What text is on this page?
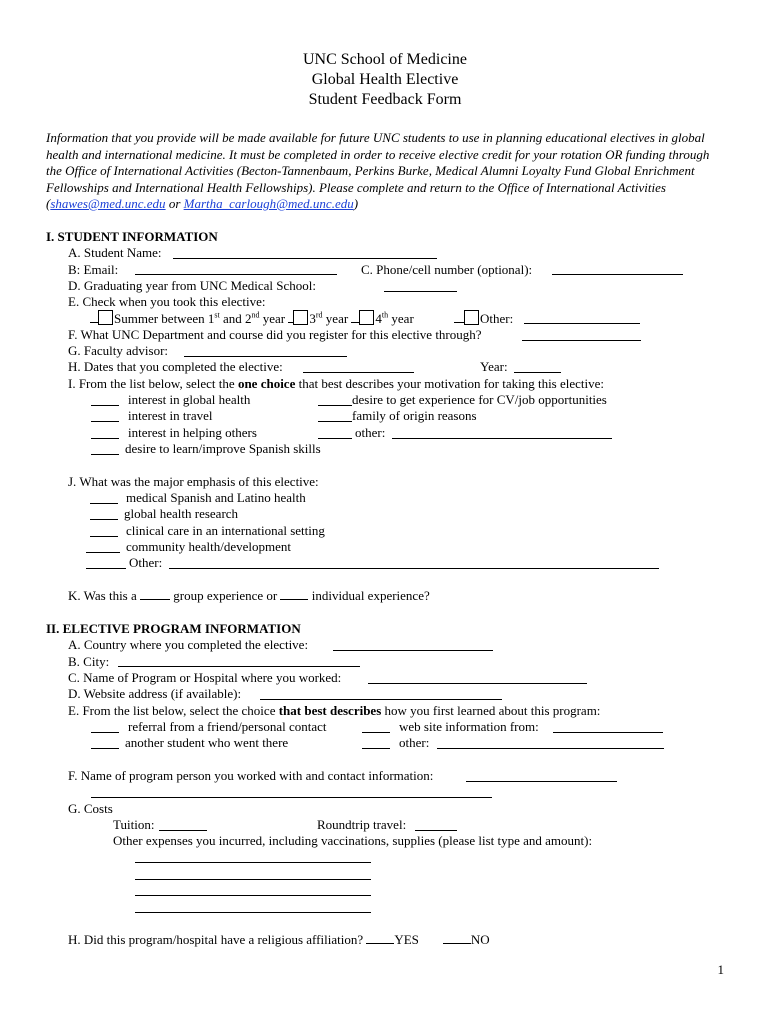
UNC School of Medicine
Global Health Elective
Student Feedback Form
Information that you provide will be made available for future UNC students to use in planning educational electives in global health and international medicine. It must be completed in order to receive elective credit for your rotation OR funding through the Office of International Activities (Becton-Tannenbaum, Perkins Burke, Medical Alumni Loyalty Fund Global Enrichment Fellowships and International Health Fellowships). Please complete and return to the Office of International Activities (shawes@med.unc.edu or Martha_carlough@med.unc.edu)
I. STUDENT INFORMATION
A. Student Name:
B: Email:	C. Phone/cell number (optional):
D. Graduating year from UNC Medical School:
E. Check when you took this elective:
Summer between 1st and 2nd year 3rd year 4th year	Other:
F. What UNC Department and course did you register for this elective through?
G. Faculty advisor:
H. Dates that you completed the elective:	Year:
I. From the list below, select the one choice that best describes your motivation for taking this elective:
interest in global health	desire to get experience for CV/job opportunities
interest in travel	family of origin reasons
interest in helping others	other:
desire to learn/improve Spanish skills
J. What was the major emphasis of this elective:
medical Spanish and Latino health
global health research
clinical care in an international setting
community health/development
Other:
K. Was this a	group experience or	individual experience?
II. ELECTIVE PROGRAM INFORMATION
A. Country where you completed the elective:
B. City:
C. Name of Program or Hospital where you worked:
D. Website address (if available):
E. From the list below, select the choice that best describes how you first learned about this program:
referral from a friend/personal contact	web site information from:
another student who went there	other:
F. Name of program person you worked with and contact information:
G. Costs
Tuition:	Roundtrip travel:
Other expenses you incurred, including vaccinations, supplies (please list type and amount):
H. Did this program/hospital have a religious affiliation? YES	NO
1
